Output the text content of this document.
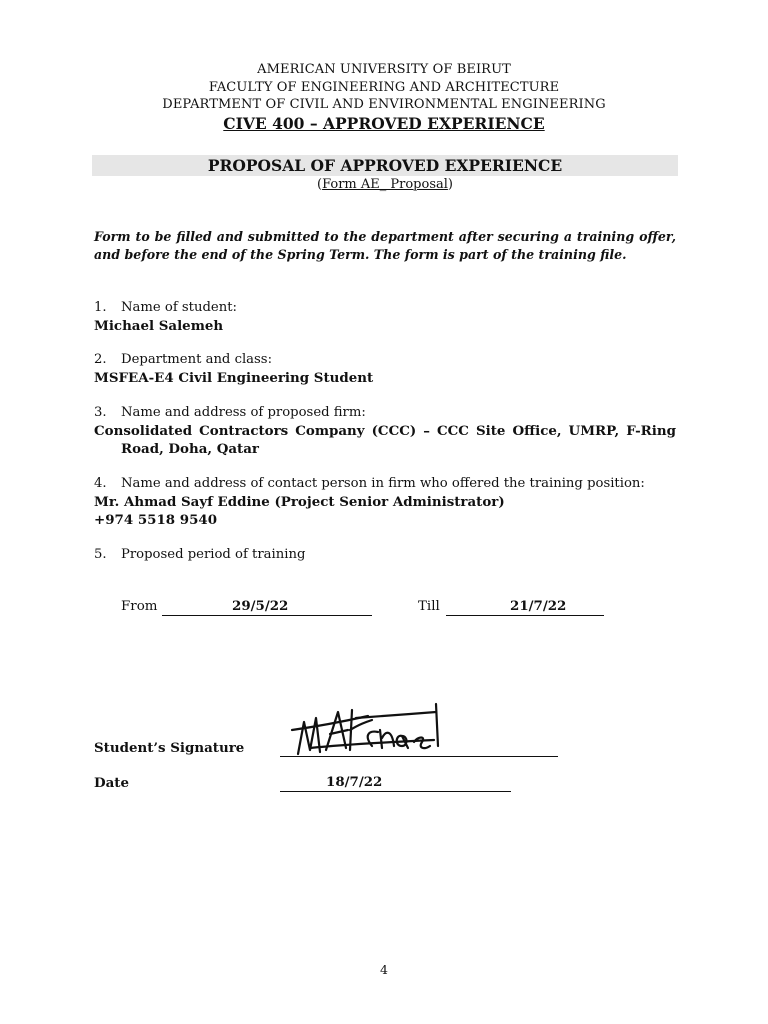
AMERICAN UNIVERSITY OF BEIRUT
FACULTY OF ENGINEERING AND ARCHITECTURE
DEPARTMENT OF CIVIL AND ENVIRONMENTAL ENGINEERING
CIVE 400 – APPROVED EXPERIENCE
PROPOSAL OF APPROVED EXPERIENCE
(Form AE_ Proposal)
Form to be filled and submitted to the department after securing a training offer, and before the end of the Spring Term. The form is part of the training file.
1. Name of student:
Michael Salemeh
2. Department and class:
MSFEA-E4 Civil Engineering Student
3. Name and address of proposed firm:
Consolidated Contractors Company (CCC) – CCC Site Office, UMRP, F-Ring
Road, Doha, Qatar
4. Name and address of contact person in firm who offered the training position:
Mr. Ahmad Sayf Eddine (Project Senior Administrator)
+974 5518 9540
5. Proposed period of training
From	29/5/22	Till	21/7/22
Student’s Signature
Date	18/7/22
4
